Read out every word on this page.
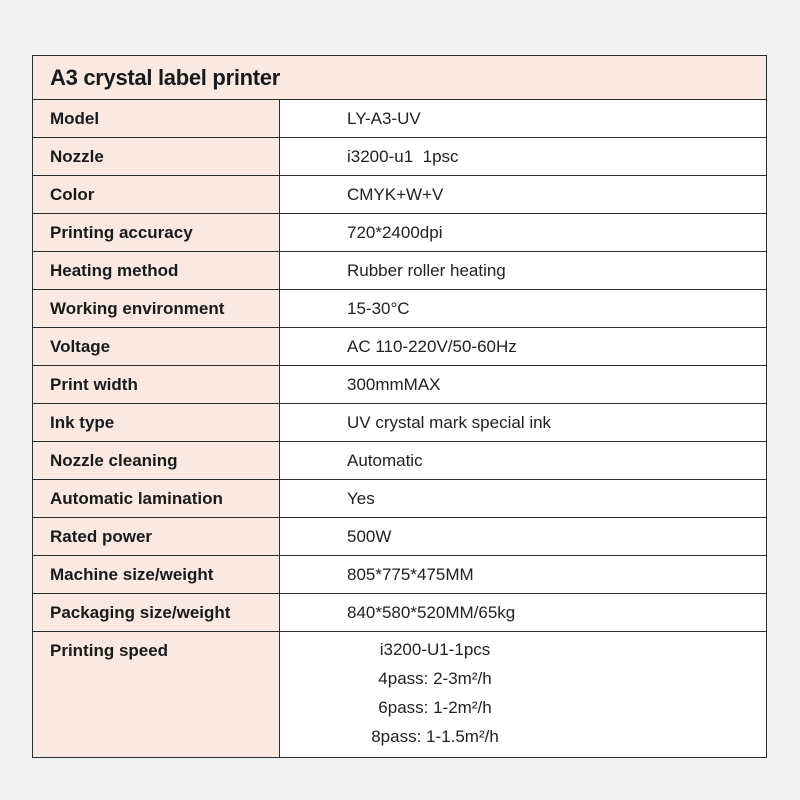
A3 crystal label printer
Model	LY-A3-UV
Nozzle	i3200-u1  1psc
Color	CMYK+W+V
Printing accuracy	720*2400dpi
Heating method	Rubber roller heating
Working environment	15-30°C
Voltage	AC 110-220V/50-60Hz
Print width	300mmMAX
Ink type	UV crystal mark special ink
Nozzle cleaning	Automatic
Automatic lamination	Yes
Rated power	500W
Machine size/weight	805*775*475MM
Packaging size/weight	840*580*520MM/65kg
Printing speed	i3200-U1-1pcs
4pass: 2-3m²/h
6pass: 1-2m²/h
8pass: 1-1.5m²/h
